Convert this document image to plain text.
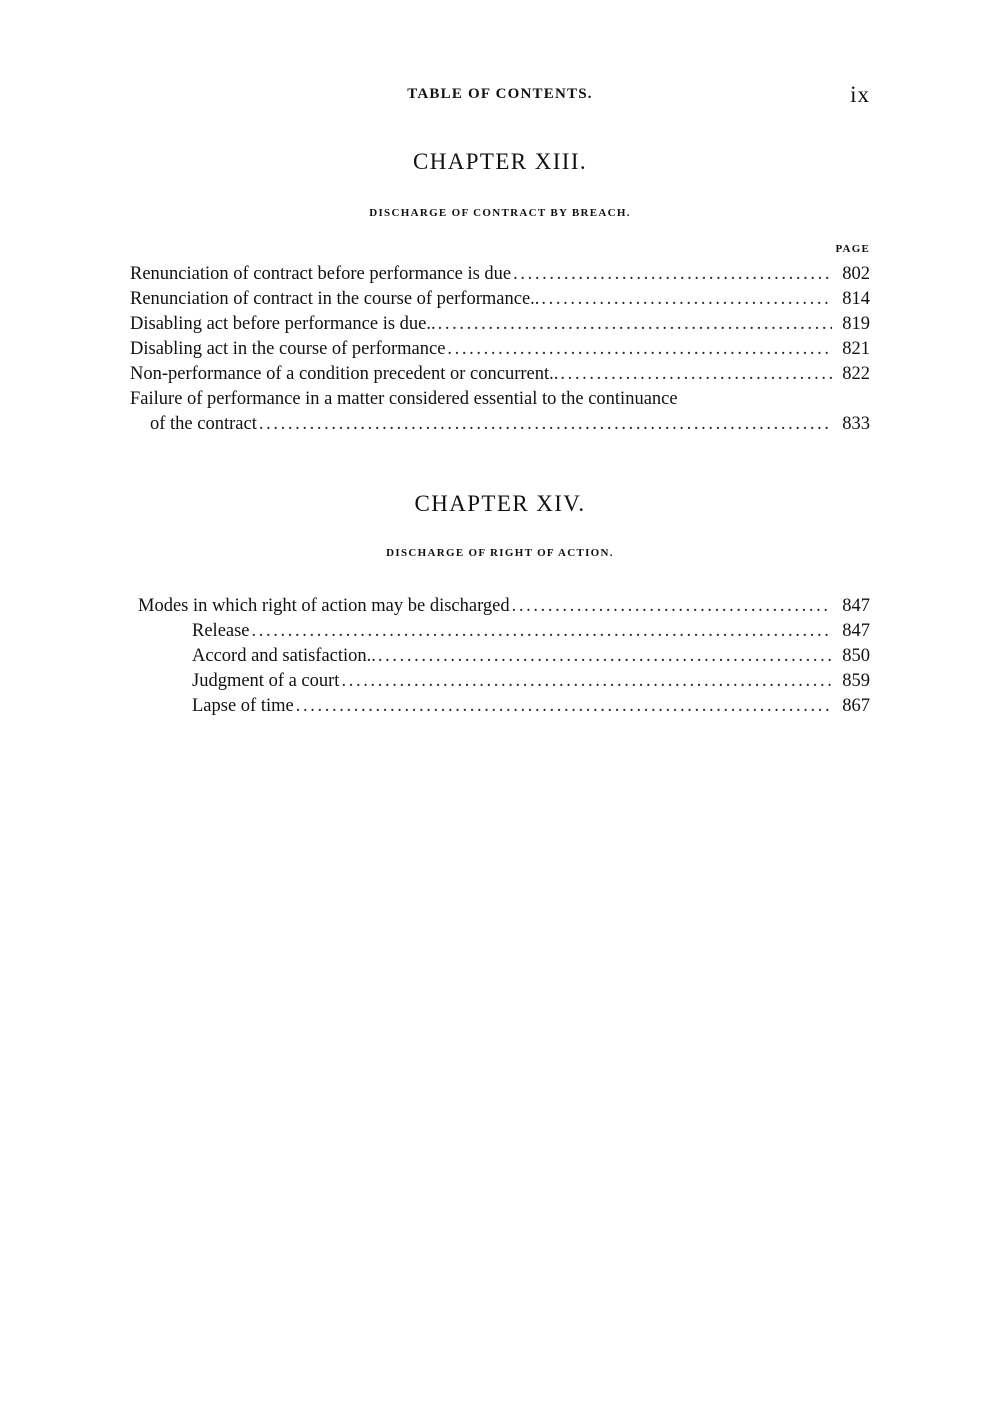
TABLE OF CONTENTS.	ix
CHAPTER XIII.
DISCHARGE OF CONTRACT BY BREACH.
PAGE
Renunciation of contract before performance is due . . .	802
Renunciation of contract in the course of performance.. . . .	814
Disabling act before performance is due.. . . .	819
Disabling act in the course of performance . . .	821
Non-performance of a condition precedent or concurrent.. . . .	822
Failure of performance in a matter considered essential to the continuance
of the contract . . .	833
CHAPTER XIV.
DISCHARGE OF RIGHT OF ACTION.
Modes in which right of action may be discharged . . .	847
Release . . .	847
Accord and satisfaction.. . . .	850
Judgment of a court . . .	859
Lapse of time . . .	867
